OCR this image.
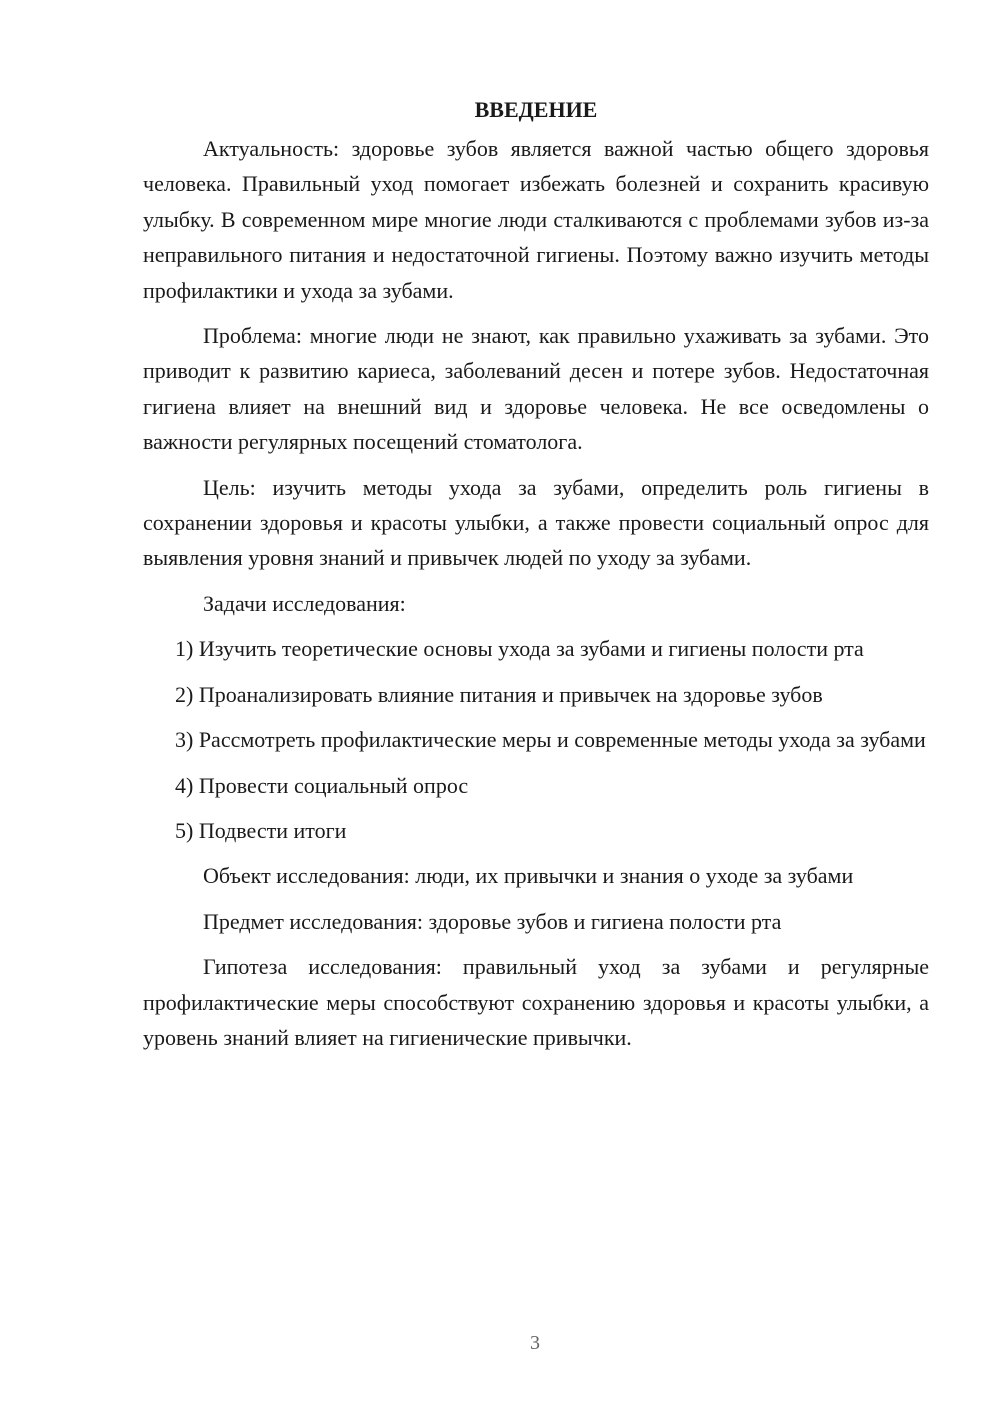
ВВЕДЕНИЕ

Актуальность: здоровье зубов является важной частью общего здоровья человека. Правильный уход помогает избежать болезней и сохранить красивую улыбку. В современном мире многие люди сталкиваются с проблемами зубов из-за неправильного питания и недостаточной гигиены. Поэтому важно изучить методы профилактики и ухода за зубами.

Проблема: многие люди не знают, как правильно ухаживать за зубами. Это приводит к развитию кариеса, заболеваний десен и потере зубов. Недостаточная гигиена влияет на внешний вид и здоровье человека. Не все осведомлены о важности регулярных посещений стоматолога.

Цель: изучить методы ухода за зубами, определить роль гигиены в сохранении здоровья и красоты улыбки, а также провести социальный опрос для выявления уровня знаний и привычек людей по уходу за зубами.

Задачи исследования:

1) Изучить теоретические основы ухода за зубами и гигиены полости рта

2) Проанализировать влияние питания и привычек на здоровье зубов

3) Рассмотреть профилактические меры и современные методы ухода за зубами

4) Провести социальный опрос

5) Подвести итоги

Объект исследования: люди, их привычки и знания о уходе за зубами

Предмет исследования: здоровье зубов и гигиена полости рта

Гипотеза исследования: правильный уход за зубами и регулярные профилактические меры способствуют сохранению здоровья и красоты улыбки, а уровень знаний влияет на гигиенические привычки.

3
